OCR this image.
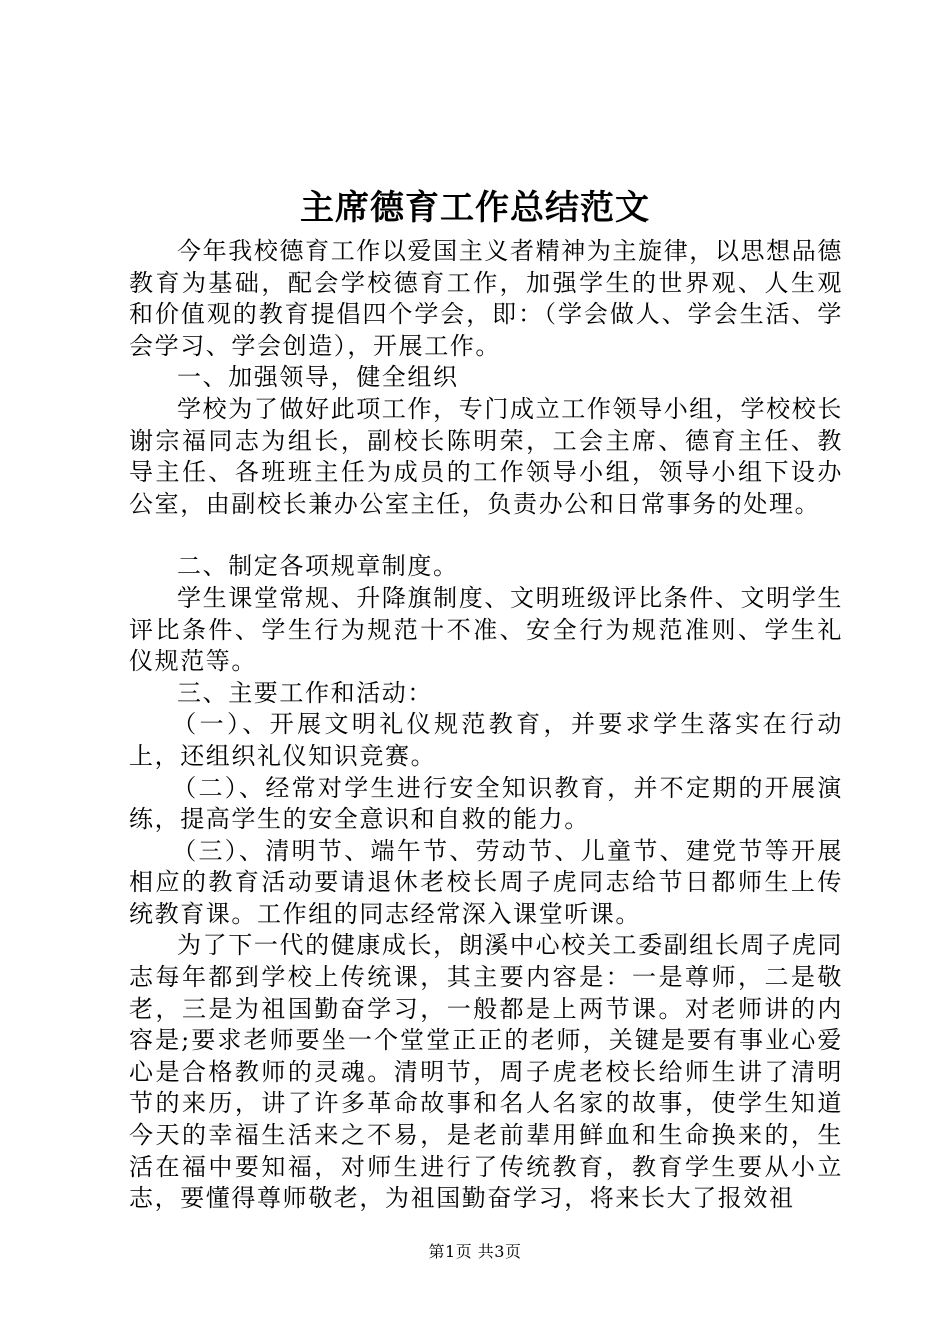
主席德育工作总结范文

今年我校德育工作以爱国主义者精神为主旋律，以思想品德教育为基础，配会学校德育工作，加强学生的世界观、人生观和价值观的教育提倡四个学会，即：（学会做人、学会生活、学会学习、学会创造），开展工作。

一、加强领导，健全组织

学校为了做好此项工作，专门成立工作领导小组，学校校长谢宗福同志为组长，副校长陈明荣，工会主席、德育主任、教导主任、各班班主任为成员的工作领导小组，领导小组下设办公室，由副校长兼办公室主任，负责办公和日常事务的处理。

二、制定各项规章制度。

学生课堂常规、升降旗制度、文明班级评比条件、文明学生评比条件、学生行为规范十不准、安全行为规范准则、学生礼仪规范等。

三、主要工作和活动：

（一）、开展文明礼仪规范教育，并要求学生落实在行动上，还组织礼仪知识竞赛。

（二）、经常对学生进行安全知识教育，并不定期的开展演练，提高学生的安全意识和自救的能力。

（三）、清明节、端午节、劳动节、儿童节、建党节等开展相应的教育活动要请退休老校长周子虎同志给节日都师生上传统教育课。工作组的同志经常深入课堂听课。

为了下一代的健康成长，朗溪中心校关工委副组长周子虎同志每年都到学校上传统课，其主要内容是：一是尊师，二是敬老，三是为祖国勤奋学习，一般都是上两节课。对老师讲的内容是;要求老师要坐一个堂堂正正的老师，关键是要有事业心爱心是合格教师的灵魂。清明节，周子虎老校长给师生讲了清明节的来历，讲了许多革命故事和名人名家的故事，使学生知道今天的幸福生活来之不易，是老前辈用鲜血和生命换来的，生活在福中要知福，对师生进行了传统教育，教育学生要从小立志，要懂得尊师敬老，为祖国勤奋学习，将来长大了报效祖

第1页 共3页
